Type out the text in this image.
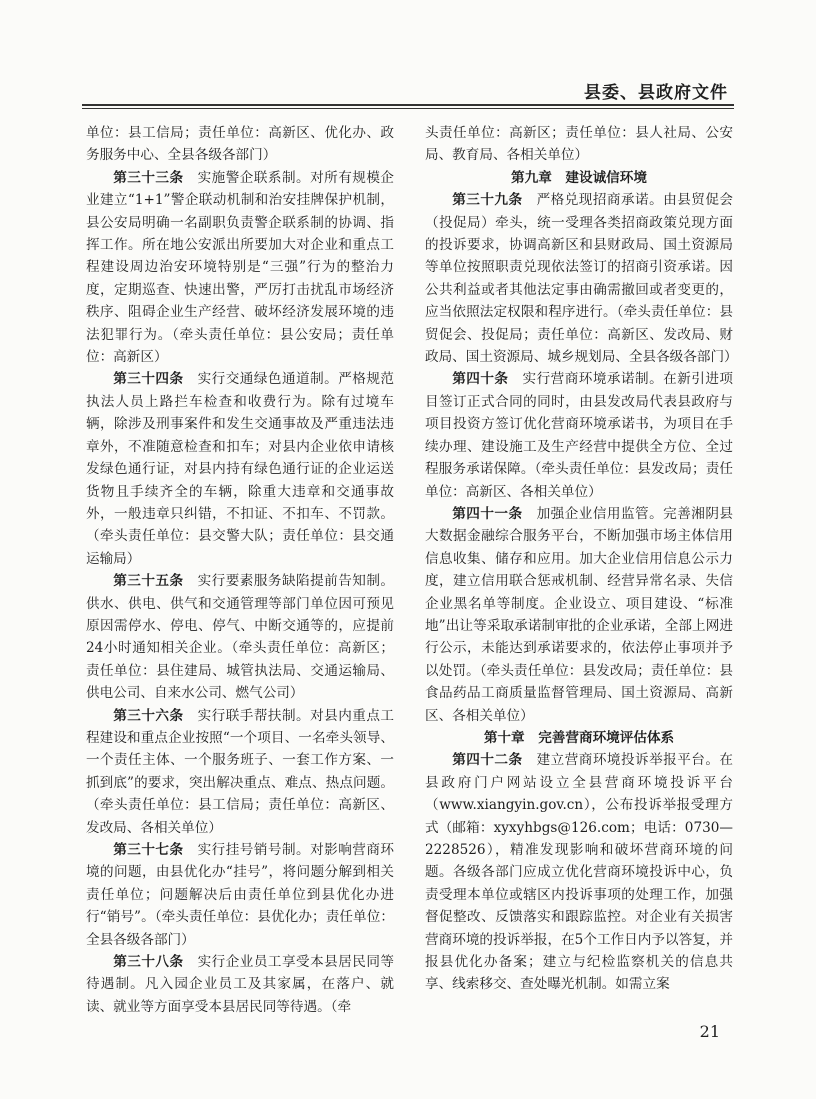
县委、县政府文件

单位：县工信局；责任单位：高新区、优化办、政务服务中心、全县各级各部门）

第三十三条　实施警企联系制。对所有规模企业建立“1+1”警企联动机制和治安挂牌保护机制，县公安局明确一名副职负责警企联系制的协调、指挥工作。所在地公安派出所要加大对企业和重点工程建设周边治安环境特别是“三强”行为的整治力度，定期巡查、快速出警，严厉打击扰乱市场经济秩序、阻碍企业生产经营、破坏经济发展环境的违法犯罪行为。（牵头责任单位：县公安局；责任单位：高新区）

第三十四条　实行交通绿色通道制。严格规范执法人员上路拦车检查和收费行为。除有过境车辆，除涉及刑事案件和发生交通事故及严重违法违章外，不准随意检查和扣车；对县内企业依申请核发绿色通行证，对县内持有绿色通行证的企业运送货物且手续齐全的车辆，除重大违章和交通事故外，一般违章只纠错，不扣证、不扣车、不罚款。（牵头责任单位：县交警大队；责任单位：县交通运输局）

第三十五条　实行要素服务缺陷提前告知制。供水、供电、供气和交通管理等部门单位因可预见原因需停水、停电、停气、中断交通等的，应提前24小时通知相关企业。（牵头责任单位：高新区；责任单位：县住建局、城管执法局、交通运输局、供电公司、自来水公司、燃气公司）

第三十六条　实行联手帮扶制。对县内重点工程建设和重点企业按照“一个项目、一名牵头领导、一个责任主体、一个服务班子、一套工作方案、一抓到底”的要求，突出解决重点、难点、热点问题。（牵头责任单位：县工信局；责任单位：高新区、发改局、各相关单位）

第三十七条　实行挂号销号制。对影响营商环境的问题，由县优化办“挂号”，将问题分解到相关责任单位；问题解决后由责任单位到县优化办进行“销号”。（牵头责任单位：县优化办；责任单位：全县各级各部门）

第三十八条　实行企业员工享受本县居民同等待遇制。凡入园企业员工及其家属，在落户、就读、就业等方面享受本县居民同等待遇。（牵

头责任单位：高新区；责任单位：县人社局、公安局、教育局、各相关单位）

第九章　建设诚信环境

第三十九条　严格兑现招商承诺。由县贸促会（投促局）牵头，统一受理各类招商政策兑现方面的投诉要求，协调高新区和县财政局、国土资源局等单位按照职责兑现依法签订的招商引资承诺。因公共利益或者其他法定事由确需撤回或者变更的，应当依照法定权限和程序进行。（牵头责任单位：县贸促会、投促局；责任单位：高新区、发改局、财政局、国土资源局、城乡规划局、全县各级各部门）

第四十条　实行营商环境承诺制。在新引进项目签订正式合同的同时，由县发改局代表县政府与项目投资方签订优化营商环境承诺书，为项目在手续办理、建设施工及生产经营中提供全方位、全过程服务承诺保障。（牵头责任单位：县发改局；责任单位：高新区、各相关单位）

第四十一条　加强企业信用监管。完善湘阴县大数据金融综合服务平台，不断加强市场主体信用信息收集、储存和应用。加大企业信用信息公示力度，建立信用联合惩戒机制、经营异常名录、失信企业黑名单等制度。企业设立、项目建设、“标准地”出让等采取承诺制审批的企业承诺，全部上网进行公示，未能达到承诺要求的，依法停止事项并予以处罚。（牵头责任单位：县发改局；责任单位：县食品药品工商质量监督管理局、国土资源局、高新区、各相关单位）

第十章　完善营商环境评估体系

第四十二条　建立营商环境投诉举报平台。在县政府门户网站设立全县营商环境投诉平台（www.xiangyin.gov.cn），公布投诉举报受理方式（邮箱：xyxyhbgs@126.com；电话：0730—2228526），精准发现影响和破坏营商环境的问题。各级各部门应成立优化营商环境投诉中心，负责受理本单位或辖区内投诉事项的处理工作，加强督促整改、反馈落实和跟踪监控。对企业有关损害营商环境的投诉举报，在5个工作日内予以答复，并报县优化办备案；建立与纪检监察机关的信息共享、线索移交、查处曝光机制。如需立案

21
